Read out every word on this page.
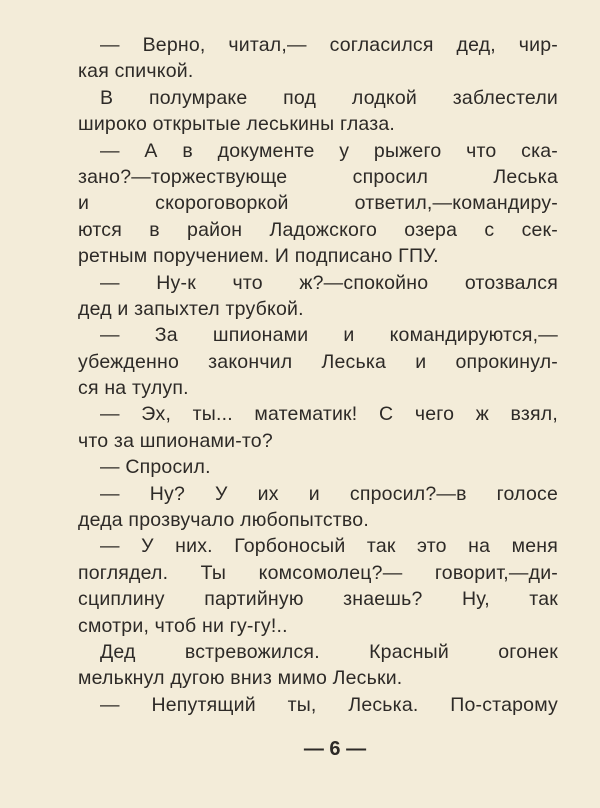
— Верно, читал,— согласился дед, чир-
кая спичкой.
В полумраке под лодкой заблестели
широко открытые леськины глаза.
— А в документе у рыжего что ска-
зано?—торжествующе спросил Леська
и скороговоркой ответил,—командиру-
ются в район Ладожского озера с сек-
ретным поручением. И подписано ГПУ.
— Ну-к что ж?—спокойно отозвался
дед и запыхтел трубкой.
— За шпионами и командируются,—
убежденно закончил Леська и опрокинул-
ся на тулуп.
— Эх, ты... математик! С чего ж взял,
что за шпионами-то?
— Спросил.
— Ну? У их и спросил?—в голосе
деда прозвучало любопытство.
— У них. Горбоносый так это на меня
поглядел. Ты комсомолец?— говорит,—ди-
сциплину партийную знаешь? Ну, так
смотри, чтоб ни гу-гу!..
Дед встревожился. Красный огонек
мелькнул дугою вниз мимо Леськи.
— Непутящий ты, Леська. По-старому
— 6 —
